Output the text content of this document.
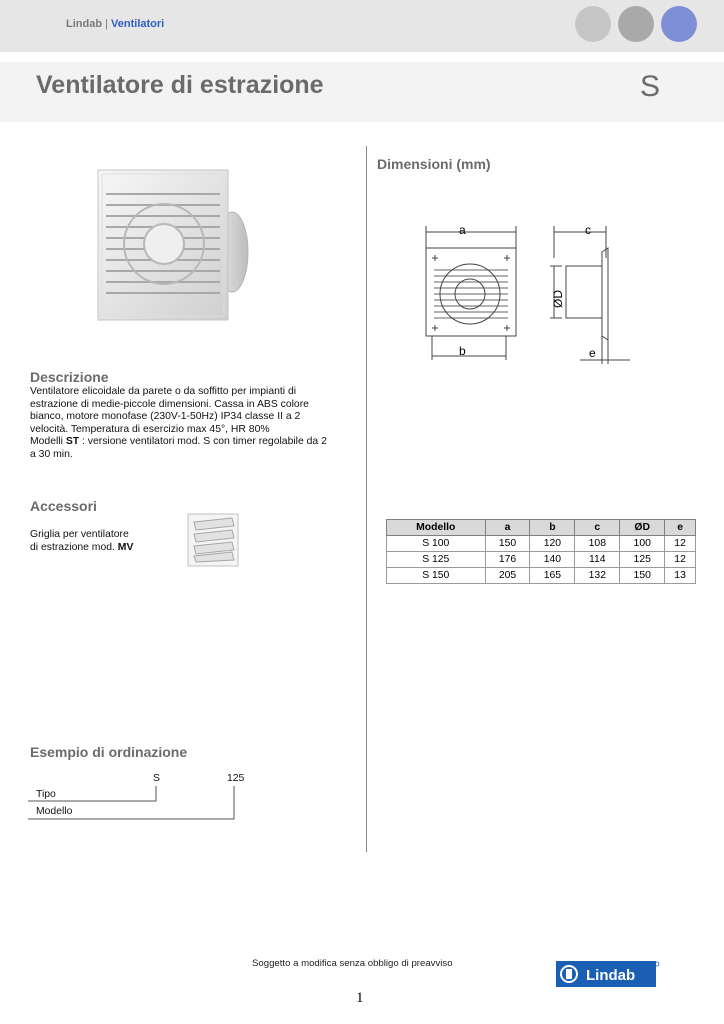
Lindab | Ventilatori
Ventilatore di estrazione	S
Descrizione
Ventilatore elicoidale da parete o da soffitto per impianti di
estrazione di medie-piccole dimensioni. Cassa in ABS colore
bianco, motore monofase (230V-1-50Hz) IP34 classe II a 2
velocità. Temperatura di esercizio max 45°, HR 80%
Modelli ST : versione ventilatori mod. S con timer regolabile da 2
a 30 min.
Accessori
Griglia per ventilatore
di estrazione mod. MV
Esempio di ordinazione
S	125
Tipo
Modello
Dimensioni (mm)
a
b
c
ØD
e
Modello	a	b	c	ØD	e
S 100	150	120	108	100	12
S 125	176	140	114	125	12
S 150	205	165	132	150	13
Soggetto a modifica senza obbligo di preavviso
Lindab
1
